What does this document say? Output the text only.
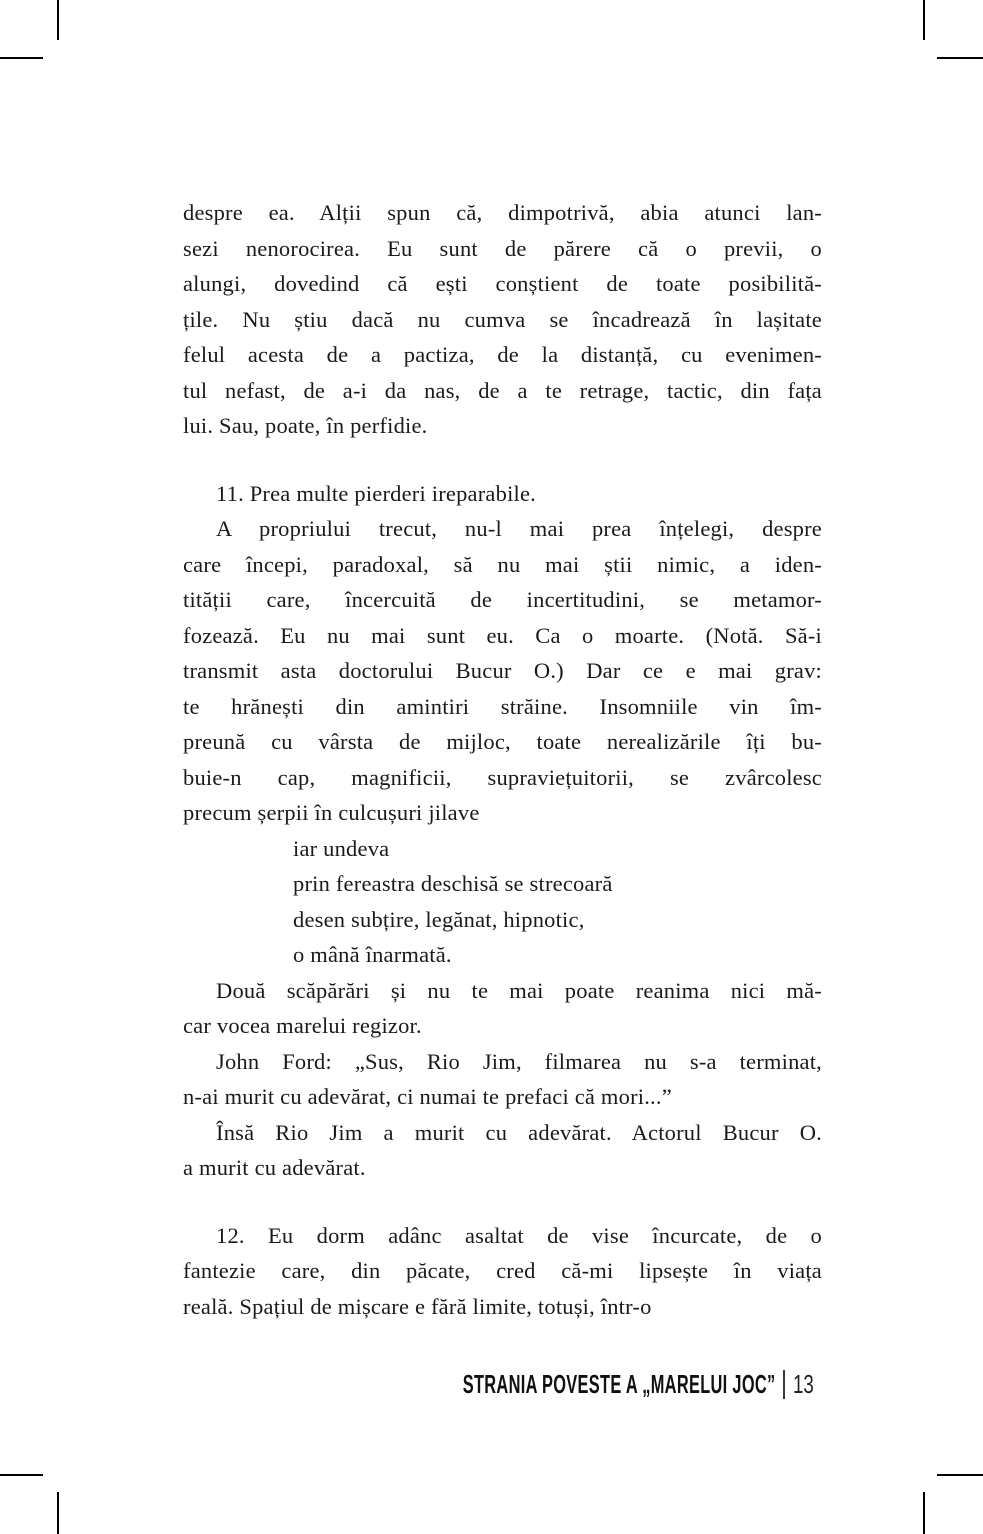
despre ea. Alții spun că, dimpotrivă, abia atunci lan-
sezi nenorocirea. Eu sunt de părere că o previi, o
alungi, dovedind că ești conștient de toate posibilită-
țile. Nu știu dacă nu cumva se încadrează în lașitate
felul acesta de a pactiza, de la distanță, cu evenimen-
tul nefast, de a-i da nas, de a te retrage, tactic, din fața
lui. Sau, poate, în perfidie.
11. Prea multe pierderi ireparabile.
A propriului trecut, nu-l mai prea înțelegi, despre
care începi, paradoxal, să nu mai știi nimic, a iden-
tității care, încercuită de incertitudini, se metamor-
fozează. Eu nu mai sunt eu. Ca o moarte. (Notă. Să-i
transmit asta doctorului Bucur O.) Dar ce e mai grav:
te hrănești din amintiri străine. Insomniile vin îm-
preună cu vârsta de mijloc, toate nerealizările îți bu-
buie-n cap, magnificii, supraviețuitorii, se zvârcolesc
precum șerpii în culcușuri jilave
iar undeva
prin fereastra deschisă se strecoară
desen subțire, legănat, hipnotic,
o mână înarmată.
Două scăpărări și nu te mai poate reanima nici mă-
car vocea marelui regizor.
John Ford: „Sus, Rio Jim, filmarea nu s-a terminat,
n-ai murit cu adevărat, ci numai te prefaci că mori...”
Însă Rio Jim a murit cu adevărat. Actorul Bucur O.
a murit cu adevărat.
12. Eu dorm adânc asaltat de vise încurcate, de o
fantezie care, din păcate, cred că-mi lipsește în viața
reală. Spațiul de mișcare e fără limite, totuși, într-o
STRANIA POVESTE A „MARELUI JOC” 13
